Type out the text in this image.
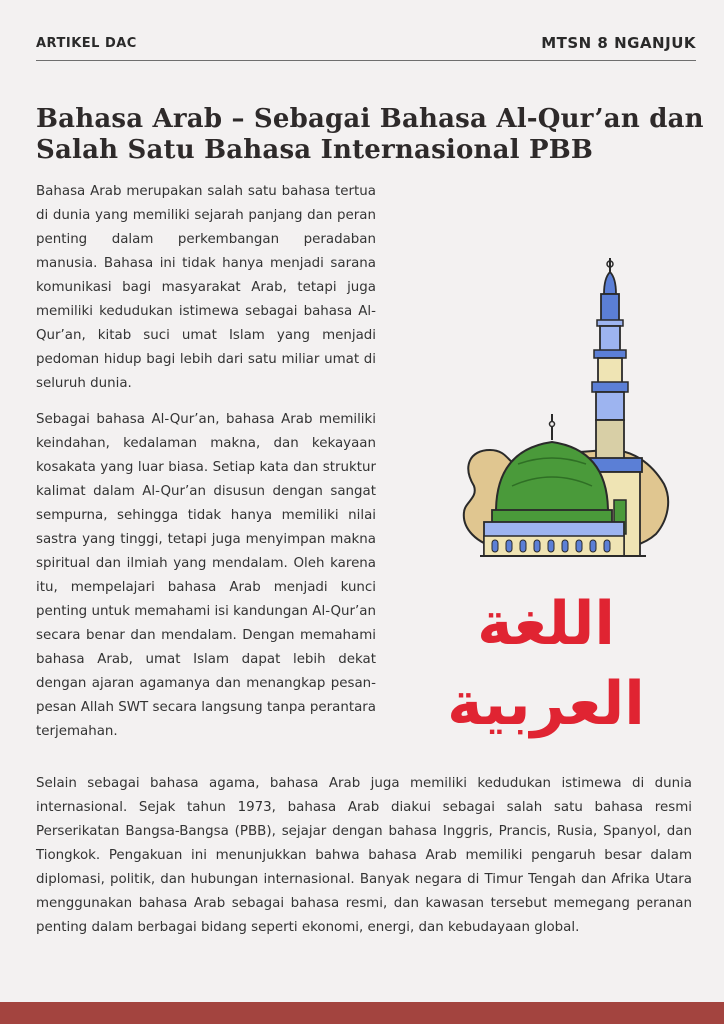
ARTIKEL DAC	MTSN 8 NGANJUK
Bahasa Arab – Sebagai Bahasa Al-Qur’an dan Salah Satu Bahasa Internasional PBB

Bahasa Arab merupakan salah satu bahasa tertua di dunia yang memiliki sejarah panjang dan peran penting dalam perkembangan peradaban manusia. Bahasa ini tidak hanya menjadi sarana komunikasi bagi masyarakat Arab, tetapi juga memiliki kedudukan istimewa sebagai bahasa Al-Qur’an, kitab suci umat Islam yang menjadi pedoman hidup bagi lebih dari satu miliar umat di seluruh dunia.

Sebagai bahasa Al-Qur’an, bahasa Arab memiliki keindahan, kedalaman makna, dan kekayaan kosakata yang luar biasa. Setiap kata dan struktur kalimat dalam Al-Qur’an disusun dengan sangat sempurna, sehingga tidak hanya memiliki nilai sastra yang tinggi, tetapi juga menyimpan makna spiritual dan ilmiah yang mendalam. Oleh karena itu, mempelajari bahasa Arab menjadi kunci penting untuk memahami isi kandungan Al-Qur’an secara benar dan mendalam. Dengan memahami bahasa Arab, umat Islam dapat lebih dekat dengan ajaran agamanya dan menangkap pesan-pesan Allah SWT secara langsung tanpa perantara terjemahan.

اللغة العربية

Selain sebagai bahasa agama, bahasa Arab juga memiliki kedudukan istimewa di dunia internasional. Sejak tahun 1973, bahasa Arab diakui sebagai salah satu bahasa resmi Perserikatan Bangsa-Bangsa (PBB), sejajar dengan bahasa Inggris, Prancis, Rusia, Spanyol, dan Tiongkok. Pengakuan ini menunjukkan bahwa bahasa Arab memiliki pengaruh besar dalam diplomasi, politik, dan hubungan internasional. Banyak negara di Timur Tengah dan Afrika Utara menggunakan bahasa Arab sebagai bahasa resmi, dan kawasan tersebut memegang peranan penting dalam berbagai bidang seperti ekonomi, energi, dan kebudayaan global.
